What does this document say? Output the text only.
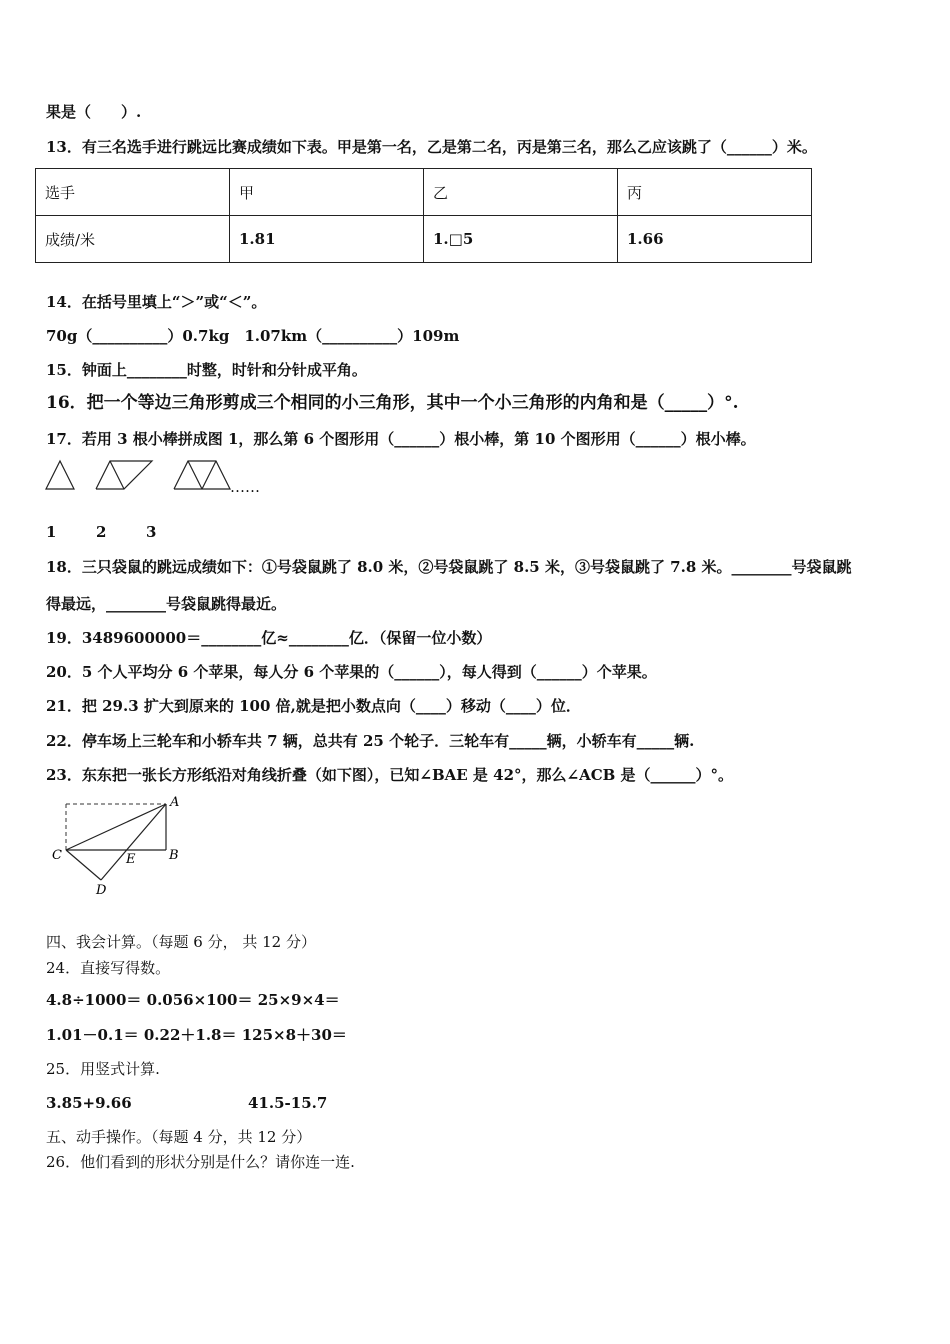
果是（　　）.
13．有三名选手进行跳远比赛成绩如下表。甲是第一名，乙是第二名，丙是第三名，那么乙应该跳了（______）米。
选手	甲	乙	丙
成绩/米	1.81	1.□5	1.66
14．在括号里填上“＞”或“＜”。
70g（__________）0.7kg　1.07km（__________）109m
15．钟面上________时整，时针和分针成平角。
16．把一个等边三角形剪成三个相同的小三角形，其中一个小三角形的内角和是（_____）°.
17．若用 3 根小棒拼成图 1，那么第 6 个图形用（______）根小棒，第 10 个图形用（______）根小棒。
……
1	2	3
18．三只袋鼠的跳远成绩如下：①号袋鼠跳了 8.0 米，②号袋鼠跳了 8.5 米，③号袋鼠跳了 7.8 米。________号袋鼠跳
得最远，________号袋鼠跳得最近。
19．3489600000＝________亿≈________亿．（保留一位小数）
20．5 个人平均分 6 个苹果，每人分 6 个苹果的（______），每人得到（______）个苹果。
21．把 29.3 扩大到原来的 100 倍,就是把小数点向（____）移动（____）位．
22．停车场上三轮车和小轿车共 7 辆，总共有 25 个轮子．三轮车有_____辆，小轿车有_____辆.
23．东东把一张长方形纸沿对角线折叠（如下图），已知∠BAE 是 42°，那么∠ACB 是（______）°。
A
B
C
D
E
四、我会计算。（每题 6 分， 共 12 分）
24．直接写得数。
4.8÷1000＝ 0.056×100＝ 25×9×4＝
1.01－0.1＝ 0.22＋1.8＝ 125×8＋30＝
25．用竖式计算.
3.85+9.66	41.5-15.7
五、动手操作。（每题 4 分，共 12 分）
26．他们看到的形状分别是什么？请你连一连.
